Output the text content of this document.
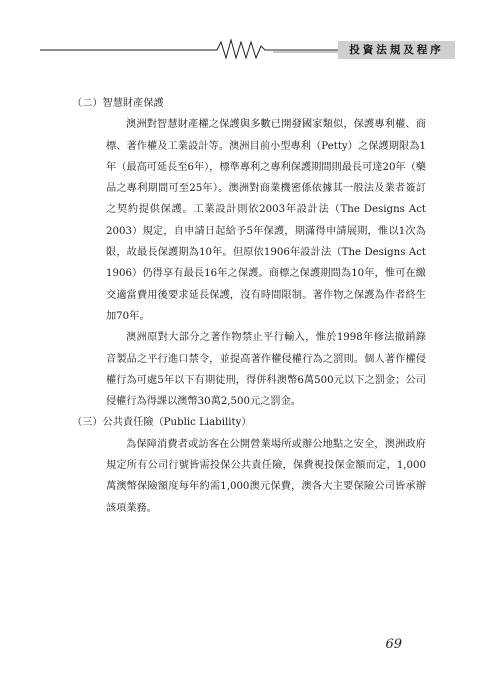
投資法規及程序

（二）智慧財產保護

澳洲對智慧財產權之保護與多數已開發國家類似，保護專利權、商標、著作權及工業設計等。澳洲目前小型專利（Petty）之保護期限為1年（最高可延長至6年），標準專利之專利保護期間則最長可達20年（藥品之專利期間可至25年）。澳洲對商業機密係依據其一般法及業者簽訂之契約提供保護。工業設計則依2003年設計法（The Designs Act 2003）規定，自申請日起給予5年保護，期滿得申請展期，惟以1次為限，故最長保護期為10年。但原依1906年設計法（The Designs Act 1906）仍得享有最長16年之保護。商標之保護期間為10年，惟可在繳交適當費用後要求延長保護，沒有時間限制。著作物之保護為作者終生加70年。

澳洲原對大部分之著作物禁止平行輸入，惟於1998年修法撤銷錄音製品之平行進口禁令，並提高著作權侵權行為之罰則。個人著作權侵權行為可處5年以下有期徒刑，得併科澳幣6萬500元以下之罰金；公司侵權行為得課以澳幣30萬2,500元之罰金。

（三）公共責任險（Public Liability）

為保障消費者或訪客在公開營業場所或辦公地點之安全，澳洲政府規定所有公司行號皆需投保公共責任險，保費視投保金額而定，1,000萬澳幣保險額度每年約需1,000澳元保費，澳各大主要保險公司皆承辦該項業務。

69
